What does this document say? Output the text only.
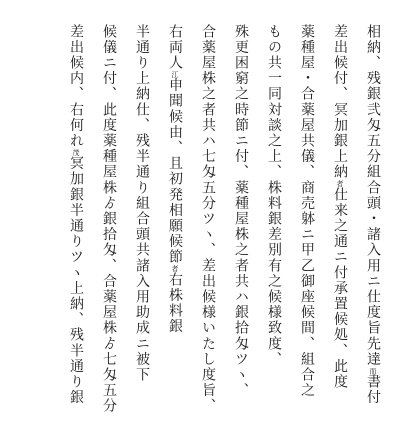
相納、残銀弐匁五分組合頭・諸入用ニ仕度旨先達而書付
差出候付、冥加銀上納者仕来之通ニ付承置候処、此度
薬種屋・合薬屋共儀、商売躰ニ甲乙御座候間、組合之
もの共一同対談之上、株料銀差別有之候様致度、
殊更困窮之時節ニ付、薬種屋株之者共ハ銀拾匁ツヽ、
合薬屋株之者共ハ七匁五分ツヽ、差出候様いたし度旨、
右両人江申聞候由、且初発相願候節者右株料銀
半通り上納仕、残半通り組合頭共諸入用助成ニ被下
候儀ニ付、此度薬種屋株ゟ銀拾匁、合薬屋株ゟ七匁五分
差出候内、右何れ茂冥加銀半通りツヽ上納、残半通り銀
